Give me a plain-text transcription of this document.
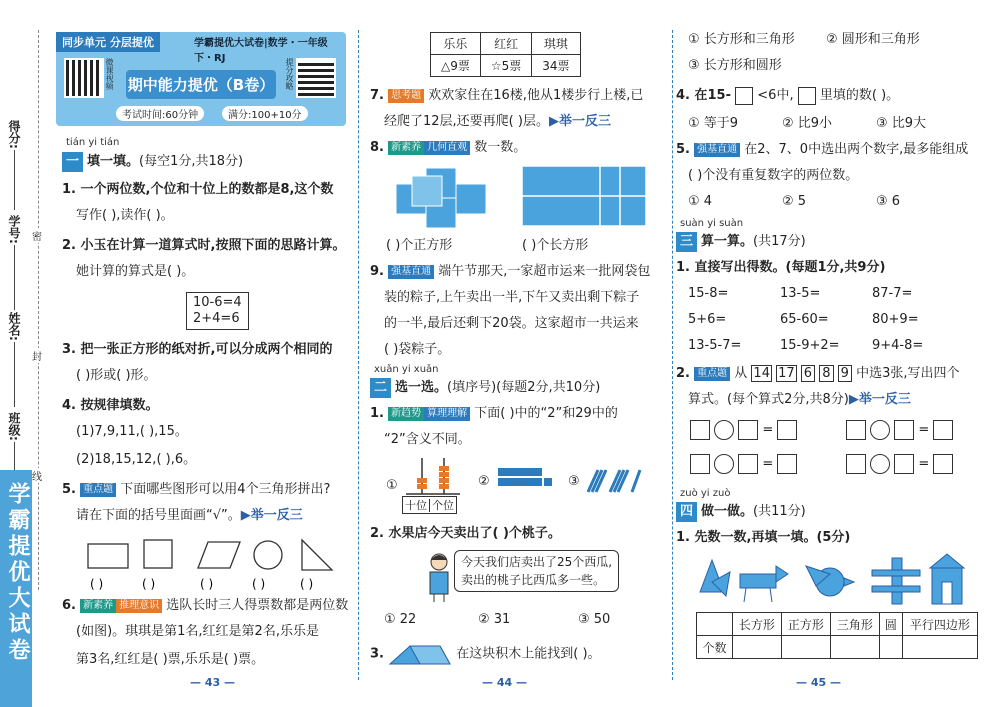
得分:
学号:
姓名:
班级:
密
封
线
学霸提优大试卷
同步单元 分层提优	学霸提优大试卷|数学・一年级下・RJ
微课视频 期中能力提优（B卷） 提分攻略
考试时间:60分钟	满分:100+10分
tián yi tián
一 填一填。(每空1分,共18分)
1. 一个两位数,个位和十位上的数都是8,这个数
写作( ),读作( )。
2. 小玉在计算一道算式时,按照下面的思路计算。
她计算的算式是( )。
10-6=4
2+4=6
3. 把一张正方形的纸对折,可以分成两个相同的
( )形或( )形。
4. 按规律填数。
(1)7,9,11,( ),15。
(2)18,15,12,( ),6。
5. 重点题 下面哪些图形可以用4个三角形拼出?
请在下面的括号里面画“√”。▶举一反三
( )	( )	( )	( )	( )
6. 新素养 推理意识 选队长时三人得票数都是两位数
(如图)。琪琪是第1名,红红是第2名,乐乐是
第3名,红红是( )票,乐乐是( )票。
— 43 —
乐乐	红红	琪琪
△9票	☆5票	34票
7. 思考题 欢欢家住在16楼,他从1楼步行上楼,已
经爬了12层,还要再爬( )层。▶举一反三
8. 新素养 几何直观 数一数。
( )个正方形	( )个长方形
9. 强基直通 端午节那天,一家超市运来一批网袋包
装的粽子,上午卖出一半,下午又卖出剩下粽子
的一半,最后还剩下20袋。这家超市一共运来
( )袋粽子。
xuǎn yi xuǎn
二 选一选。(填序号)(每题2分,共10分)
1. 新趋势 算理理解 下面( )中的“2”和29中的
“2”含义不同。
①
十位 个位
②	③
2. 水果店今天卖出了( )个桃子。
今天我们店卖出了25个西瓜,
卖出的桃子比西瓜多一些。
① 22	② 31	③ 50
3.	在这块积木上能找到( )。
— 44 —
① 长方形和三角形 ② 圆形和三角形
③ 长方形和圆形
4. 在15- <6中, 里填的数( )。
① 等于9	② 比9小	③ 比9大
5. 强基直通 在2、7、0中选出两个数字,最多能组成
( )个没有重复数字的两位数。
① 4	② 5	③ 6
suàn yi suàn
三 算一算。(共17分)
1. 直接写出得数。(每题1分,共9分)
15-8=	13-5=	87-7=
5+6=	65-60=	80+9=
13-5-7=	15-9+2= 9+4-8=
2. 重点题 从 14 17 6 8 9 中选3张,写出四个
算式。(每个算式2分,共8分)▶举一反三
=	=
=	=
zuò yi zuò
四 做一做。(共11分)
1. 先数一数,再填一填。(5分)
	长方形	正方形	三角形	圆	平行四边形
个数					
— 45 —
